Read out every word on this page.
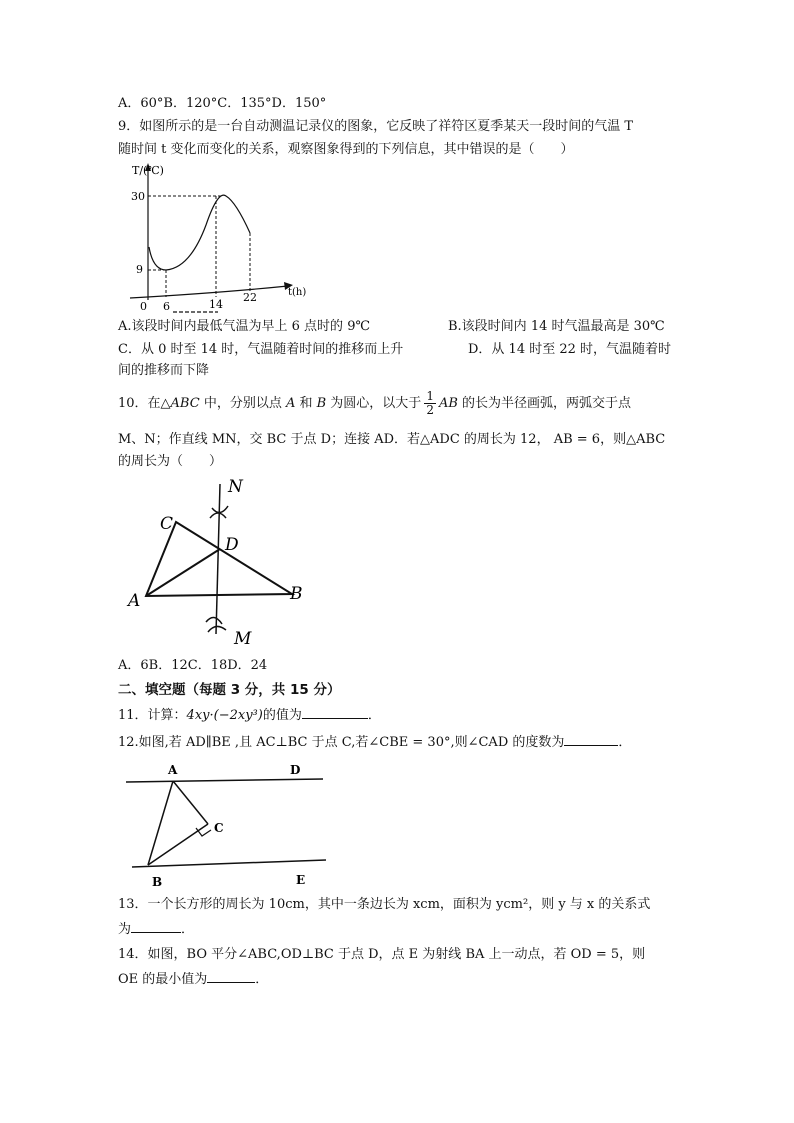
A．60°B．120°C．135°D．150°
9．如图所示的是一台自动测温记录仪的图象，它反映了祥符区夏季某天一段时间的气温 T
随时间 t 变化而变化的关系，观察图象得到的下列信息，其中错误的是（　　）
T/(℃)
30
9
0 6	14
22	t(h)
A.该段时间内最低气温为早上 6 点时的 9℃	B.该段时间内 14 时气温最高是 30℃
C．从 0 时至 14 时，气温随着时间的推移而上升	D．从 14 时至 22 时，气温随着时
间的推移而下降
10．在△ABC 中，分别以点 A 和 B 为圆心，以大于 $\frac{1}{2}$ AB 的长为半径画弧，两弧交于点
M、N；作直线 MN，交 BC 于点 D；连接 AD．若△ADC 的周长为 12， AB = 6，则△ABC
的周长为（　　）
N
C
D
A	B
M
A．6B．12C．18D．24
二、填空题（每题 3 分，共 15 分）
11．计算：4xy·(−2xy³)的值为	．
12.如图,若 AD∥BE ,且 AC⊥BC 于点 C,若∠CBE = 30°,则∠CAD 的度数为	．
A	D
C
B	E
13．一个长方形的周长为 10cm，其中一条边长为 xcm，面积为 ycm²，则 y 与 x 的关系式
为	．
14．如图，BO 平分∠ABC,OD⊥BC 于点 D，点 E 为射线 BA 上一动点，若 OD = 5，则
OE 的最小值为	．
